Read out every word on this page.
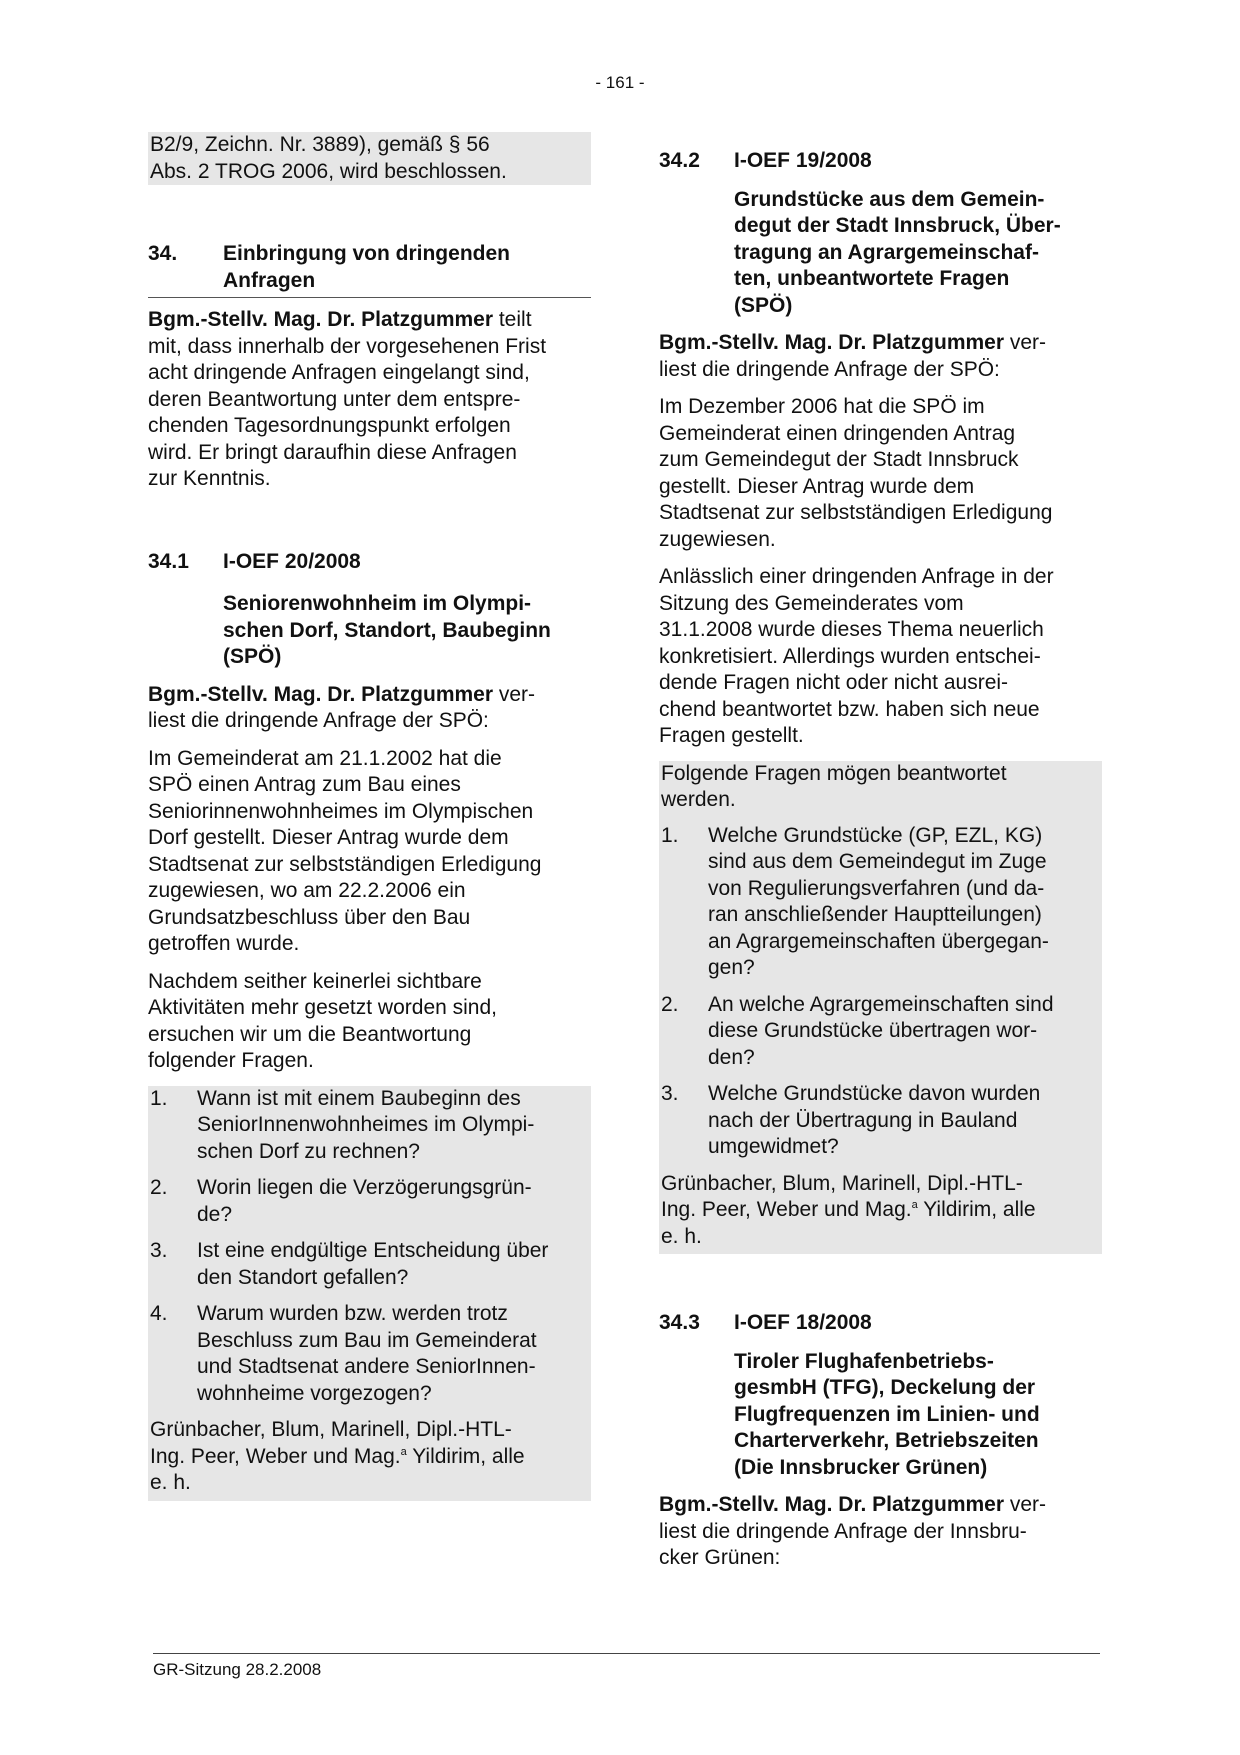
- 161 -
B2/9, Zeichn. Nr. 3889), gemäß § 56
Abs. 2 TROG 2006, wird beschlossen.
34.	Einbringung von dringenden
Anfragen

Bgm.-Stellv. Mag. Dr. Platzgummer teilt
mit, dass innerhalb der vorgesehenen Frist
acht dringende Anfragen eingelangt sind,
deren Beantwortung unter dem entspre-
chenden Tagesordnungspunkt erfolgen
wird. Er bringt daraufhin diese Anfragen
zur Kenntnis.

34.1	I-OEF 20/2008
Seniorenwohnheim im Olympi-
schen Dorf, Standort, Baubeginn
(SPÖ)

Bgm.-Stellv. Mag. Dr. Platzgummer ver-
liest die dringende Anfrage der SPÖ:

Im Gemeinderat am 21.1.2002 hat die
SPÖ einen Antrag zum Bau eines
Seniorinnenwohnheimes im Olympischen
Dorf gestellt. Dieser Antrag wurde dem
Stadtsenat zur selbstständigen Erledigung
zugewiesen, wo am 22.2.2006 ein
Grundsatzbeschluss über den Bau
getroffen wurde.

Nachdem seither keinerlei sichtbare
Aktivitäten mehr gesetzt worden sind,
ersuchen wir um die Beantwortung
folgender Fragen.

1.	Wann ist mit einem Baubeginn des
SeniorInnenwohnheimes im Olympi-
schen Dorf zu rechnen?
2.	Worin liegen die Verzögerungsgrün-
de?
3.	Ist eine endgültige Entscheidung über
den Standort gefallen?
4.	Warum wurden bzw. werden trotz
Beschluss zum Bau im Gemeinderat
und Stadtsenat andere SeniorInnen-
wohnheime vorgezogen?
Grünbacher, Blum, Marinell, Dipl.-HTL-
Ing. Peer, Weber und Mag.$^a$ Yildirim, alle
e. h.
34.2	I-OEF 19/2008
Grundstücke aus dem Gemein-
degut der Stadt Innsbruck, Über-
tragung an Agrargemeinschaf-
ten, unbeantwortete Fragen
(SPÖ)

Bgm.-Stellv. Mag. Dr. Platzgummer ver-
liest die dringende Anfrage der SPÖ:

Im Dezember 2006 hat die SPÖ im
Gemeinderat einen dringenden Antrag
zum Gemeindegut der Stadt Innsbruck
gestellt. Dieser Antrag wurde dem
Stadtsenat zur selbstständigen Erledigung
zugewiesen.

Anlässlich einer dringenden Anfrage in der
Sitzung des Gemeinderates vom
31.1.2008 wurde dieses Thema neuerlich
konkretisiert. Allerdings wurden entschei-
dende Fragen nicht oder nicht ausrei-
chend beantwortet bzw. haben sich neue
Fragen gestellt.

Folgende Fragen mögen beantwortet
werden.

1.	Welche Grundstücke (GP, EZL, KG)
sind aus dem Gemeindegut im Zuge
von Regulierungsverfahren (und da-
ran anschließender Hauptteilungen)
an Agrargemeinschaften übergegan-
gen?
2.	An welche Agrargemeinschaften sind
diese Grundstücke übertragen wor-
den?
3.	Welche Grundstücke davon wurden
nach der Übertragung in Bauland
umgewidmet?
Grünbacher, Blum, Marinell, Dipl.-HTL-
Ing. Peer, Weber und Mag.$^a$ Yildirim, alle
e. h.
34.3	I-OEF 18/2008
Tiroler Flughafenbetriebs-
gesmbH (TFG), Deckelung der
Flugfrequenzen im Linien- und
Charterverkehr, Betriebszeiten
(Die Innsbrucker Grünen)

Bgm.-Stellv. Mag. Dr. Platzgummer ver-
liest die dringende Anfrage der Innsbru-
cker Grünen:

GR-Sitzung 28.2.2008
